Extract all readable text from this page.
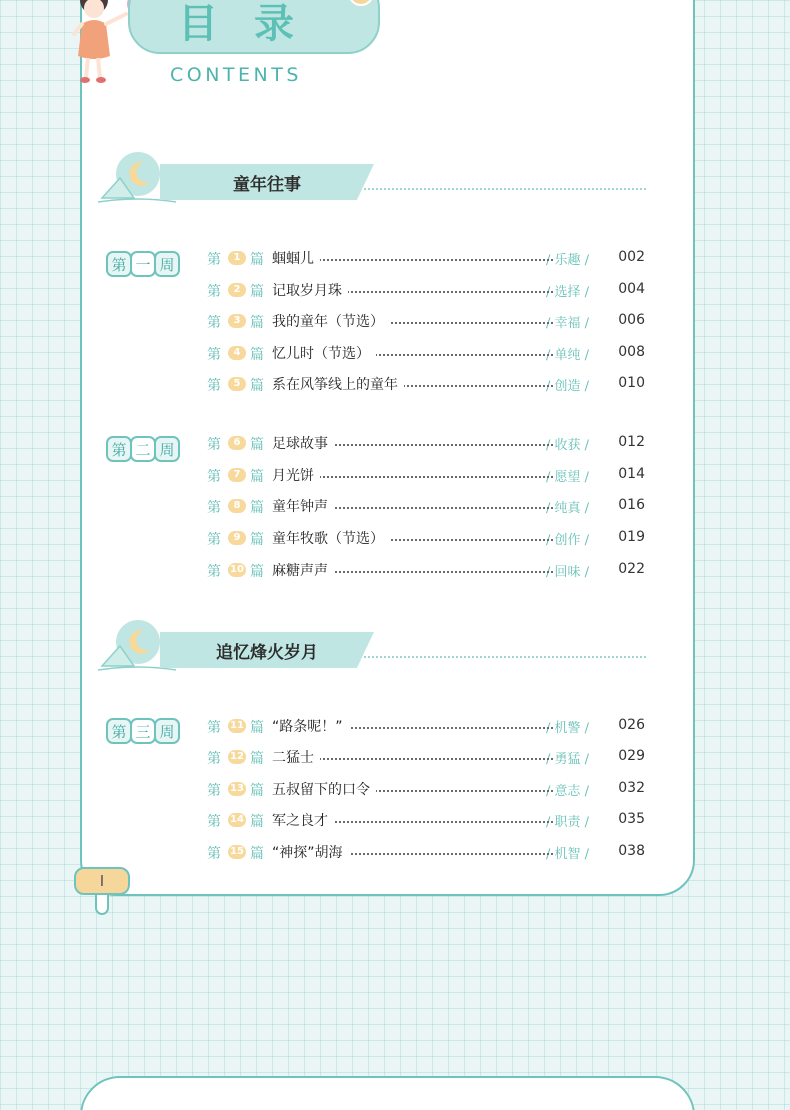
目录
CONTENTS
童年往事
追忆烽火岁月
第 一 周
第 二 周
第 三 周
第	1 篇 蝈蝈儿	/ 乐趣 / 002
第	2 篇 记取岁月珠	/ 选择 / 004
第	3 篇 我的童年（节选）	/ 幸福 / 006
第	4 篇 忆儿时（节选）	/ 单纯 / 008
第	5 篇 系在风筝线上的童年	/ 创造 / 010
第	6 篇 足球故事	/ 收获 / 012
第	7 篇 月光饼	/ 愿望 / 014
第	8 篇 童年钟声	/ 纯真 / 016
第	9 篇 童年牧歌（节选）	/ 创作 / 019
第 10 篇 麻糖声声	/ 回味 / 022
第 11 篇 “路条呢！”	/ 机警 / 026
第 12 篇 二猛士	/ 勇猛 / 029
第 13 篇 五叔留下的口令	/ 意志 / 032
第 14 篇 军之良才	/ 职责 / 035
第 15 篇 “神探”胡海	/ 机智 / 038
I
